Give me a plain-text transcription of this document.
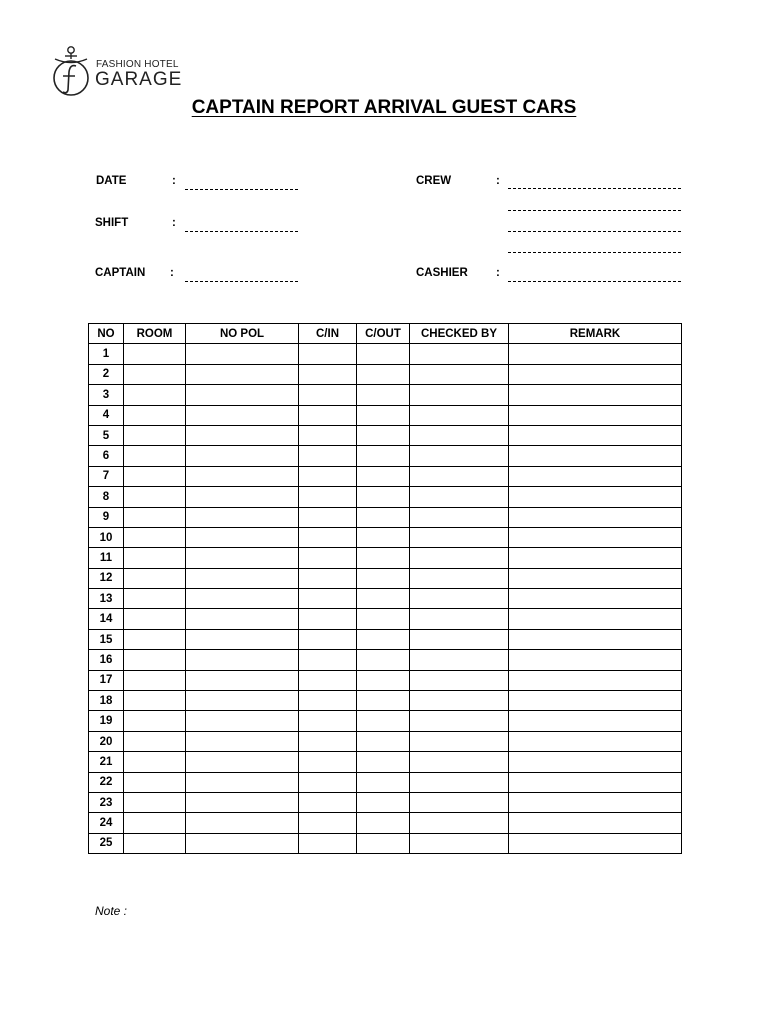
FASHION HOTEL
GARAGE
CAPTAIN REPORT ARRIVAL GUEST CARS
DATE	:
SHIFT	:
CAPTAIN :
CREW	:
CASHIER :
NO	ROOM	NO POL	C/IN	C/OUT	CHECKED BY	REMARK
1						
2						
3						
4						
5						
6						
7						
8						
9						
10						
11						
12						
13						
14						
15						
16						
17						
18						
19						
20						
21						
22						
23						
24						
25						
Note :
